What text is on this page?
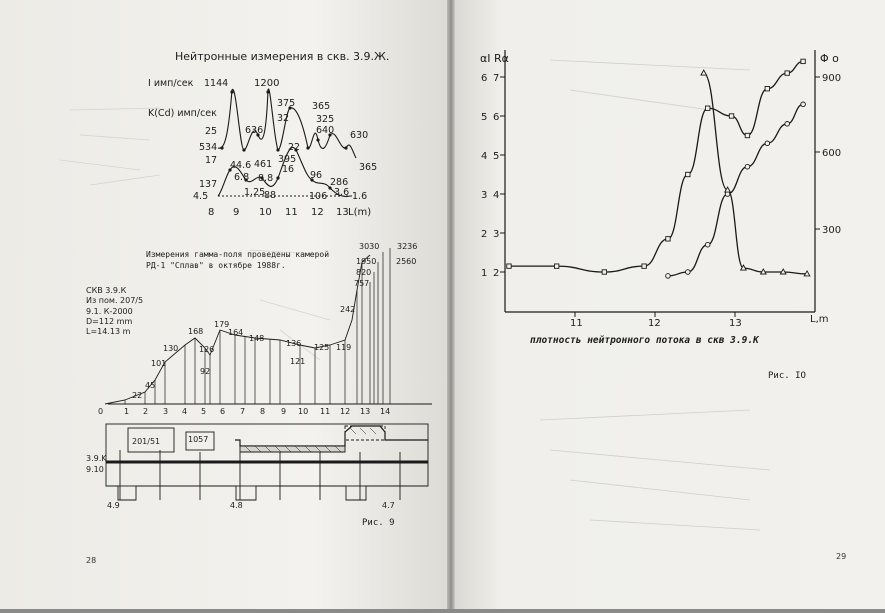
Нейтронные измерения в скв. 3.9.Ж.
I имп/сек 1144	1200
K(Cd) имп/сек
25
534
636
375 365
325
640 630
32
17
137
44.6
6.8
461
8.8
395
16
22
96
286
365
4.5	1.25
88	106 3.6 1.6
8 9 10 11 12 13 L(m)
Измерения гамма-поля проведены камерой
РД-1 "Сплав" в октябре 1988г.
СКВ 3.9.К
Из пом. 207/5
9.1. К-2000
D=112 mm
L=14.13 m
22
45
101
130
168
126
92
179
164
148
136
121
125 119
242
757
820
1950
3030 3236
2560
0	1 2 3 4 5 6 7 8 9 10 11 12 13 14
201/51	1057
3.9.K
9.10
4.9	4.8	4.7
Рис. 9
28
αI Rα	Φ ο
1
2
3
4
5
6
2
3
4
5
6
7
300
600
900
11	12	13	L,m
плотность нейтронного потока в скв 3.9.К
Рис. IO
29
